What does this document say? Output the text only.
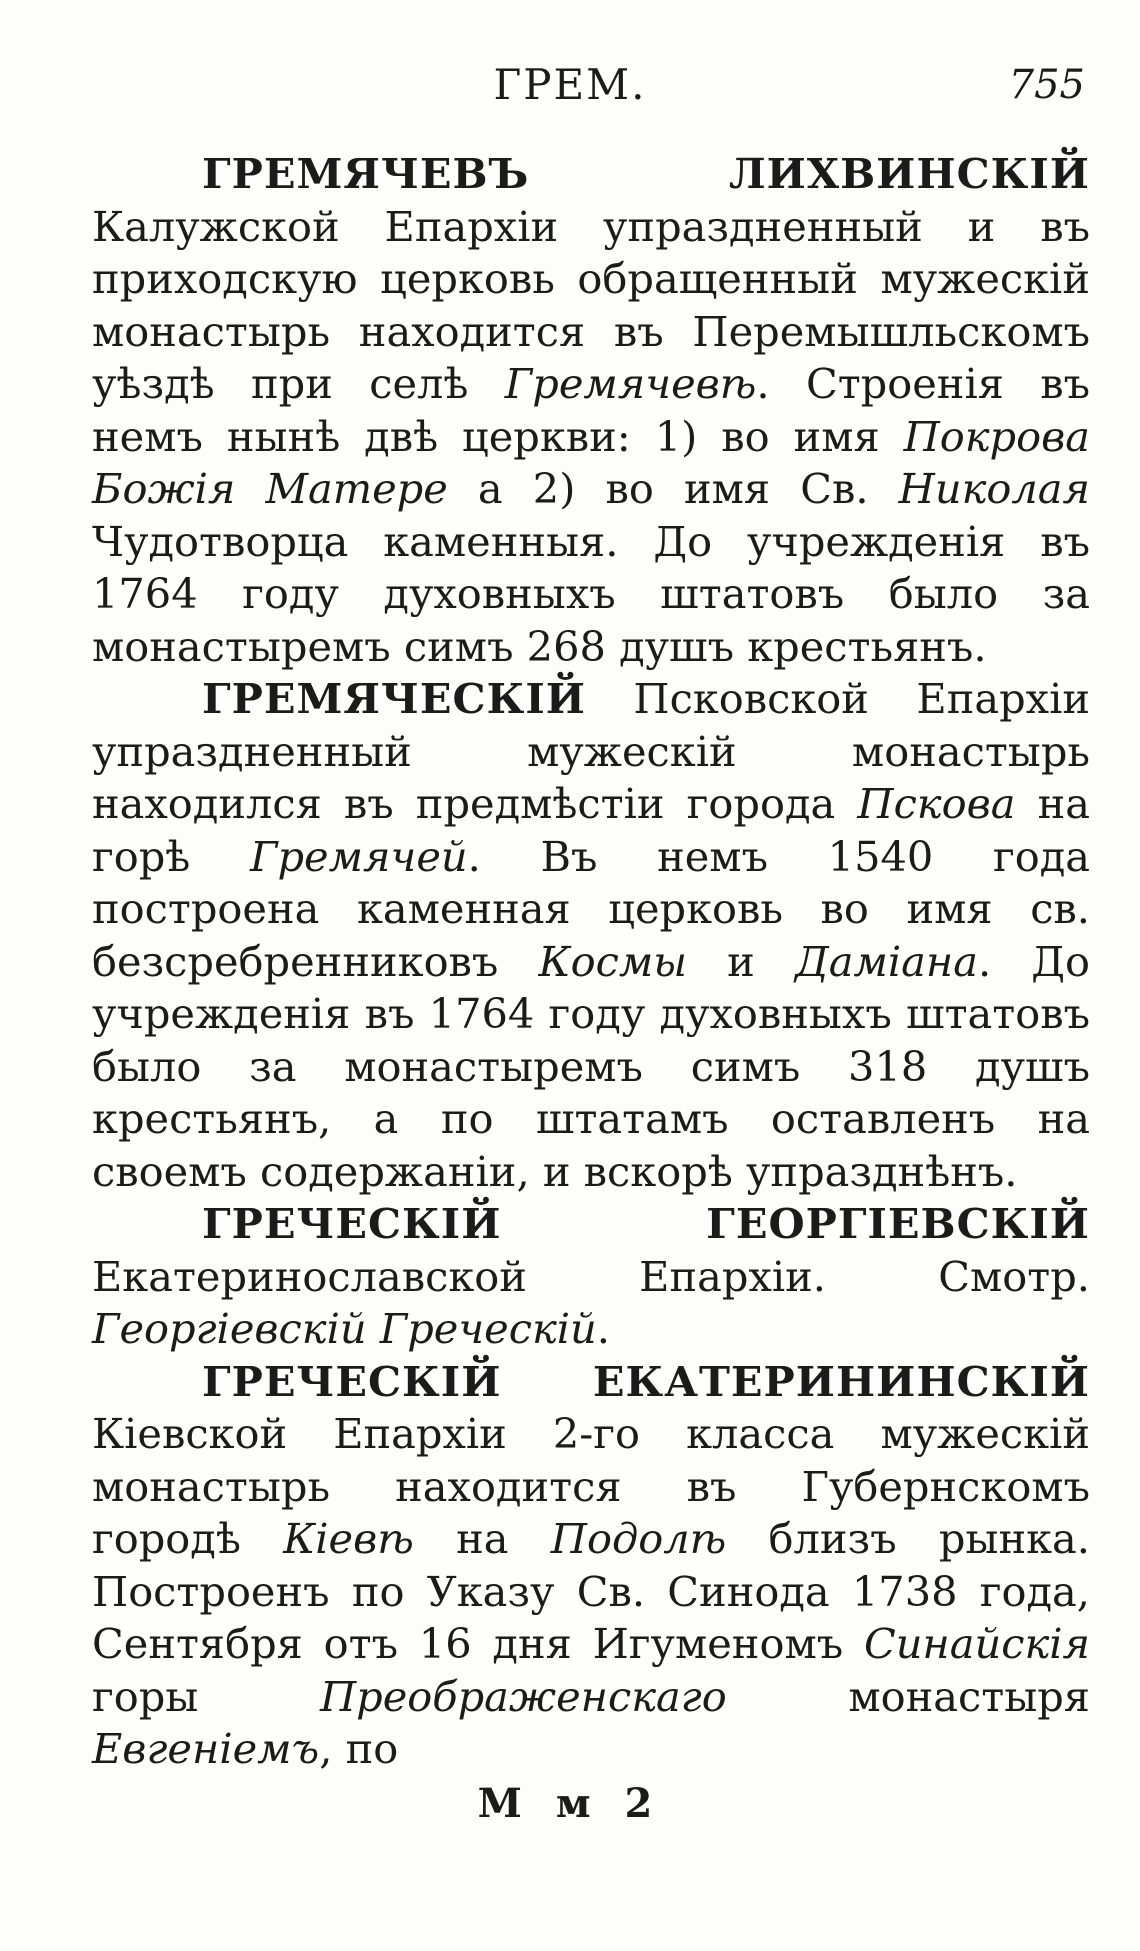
ГРЕМ.	755

ГРЕМЯЧЕВЪ ЛИХВИНСКІЙ Калужской Епархіи упраздненный и въ приходскую церковь обращенный мужескій монастырь находится въ Перемышльскомъ уѣздѣ при селѣ Гремячевѣ. Строенія въ немъ нынѣ двѣ церкви: 1) во имя Покрова Божія Матере а 2) во имя Св. Николая Чудотворца каменныя. До учрежденія въ 1764 году духовныхъ штатовъ было за монастыремъ симъ 268 душъ крестьянъ.

ГРЕМЯЧЕСКІЙ Псковской Епархіи упраздненный мужескій монастырь находился въ предмѣстіи города Пскова на горѣ Гремячей. Въ немъ 1540 года построена каменная церковь во имя св. безсребренниковъ Космы и Даміана. До учрежденія въ 1764 году духовныхъ штатовъ было за монастыремъ симъ 318 душъ крестьянъ, а по штатамъ оставленъ на своемъ содержаніи, и вскорѣ упразднѣнъ.

ГРЕЧЕСКІЙ ГЕОРГІЕВСКІЙ Екатеринославской Епархіи. Смотр. Георгіевскій Греческій.

ГРЕЧЕСКІЙ ЕКАТЕРИНИНСКІЙ Кіевской Епархіи 2-го класса мужескій монастырь находится въ Губернскомъ городѣ Кіевѣ на Подолѣ близъ рынка. Построенъ по Указу Св. Синода 1738 года, Сентября отъ 16 дня Игуменомъ Синайскія горы Преображенскаго монастыря Евгеніемъ, по

М м 2
